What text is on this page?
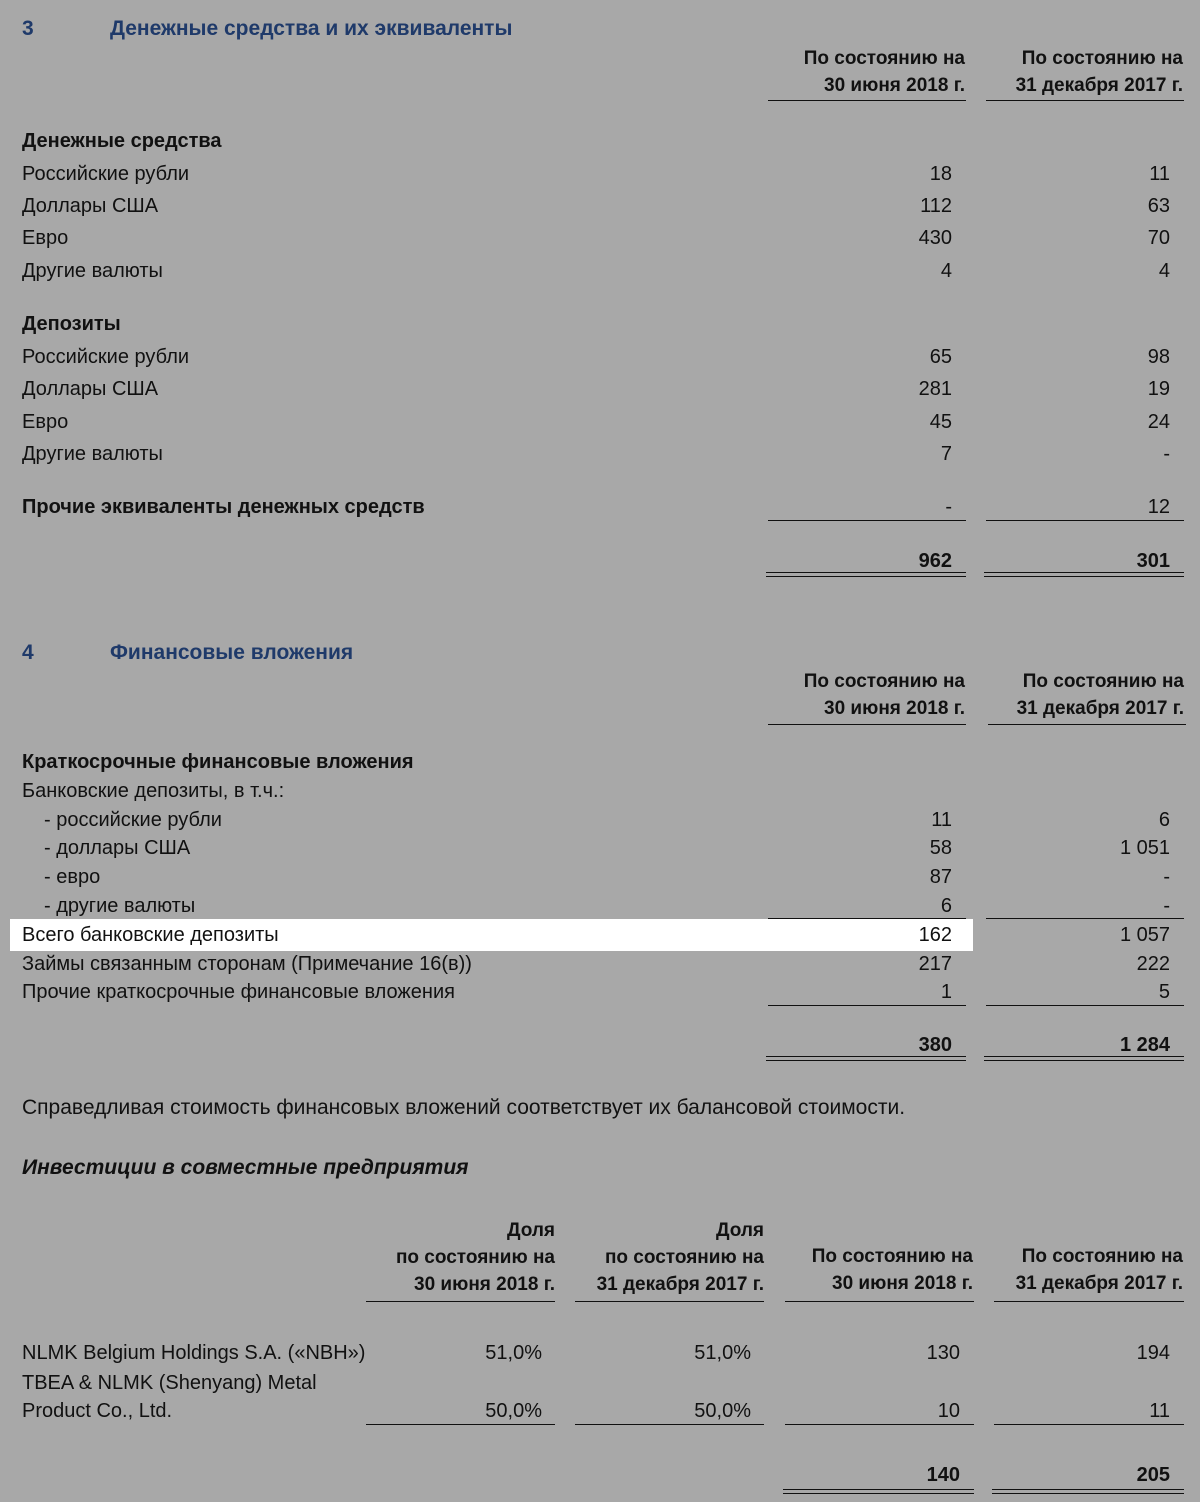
3	Денежные средства и их эквиваленты
По состоянию на
30 июня 2018 г.
По состоянию на
31 декабря 2017 г.
Денежные средства
Российские рубли	18	11
Доллары США	112	63
Евро	430	70
Другие валюты	4	4
Депозиты
Российские рубли	65	98
Доллары США	281	19
Евро	45	24
Другие валюты	7	-
Прочие эквиваленты денежных средств	-	12
962	301
4	Финансовые вложения
По состоянию на
30 июня 2018 г.
По состоянию на
31 декабря 2017 г.
Краткосрочные финансовые вложения
Банковские депозиты, в т.ч.:
- российские рубли	11	6
- доллары США	58	1 051
- евро	87	-
- другие валюты	6	-
Всего банковские депозиты	162	1 057
Займы связанным сторонам (Примечание 16(в))	217	222
Прочие краткосрочные финансовые вложения	1	5
380	1 284
Справедливая стоимость финансовых вложений соответствует их балансовой стоимости.
Инвестиции в совместные предприятия
Доля
по состоянию на
30 июня 2018 г.
Доля
по состоянию на
31 декабря 2017 г.
По состоянию на
30 июня 2018 г.
По состоянию на
31 декабря 2017 г.
NLMK Belgium Holdings S.A. («NBH»)	51,0%	51,0%	130	194
TBEA & NLMK (Shenyang) Metal
Product Co., Ltd.	50,0%	50,0%	10	11
140	205
